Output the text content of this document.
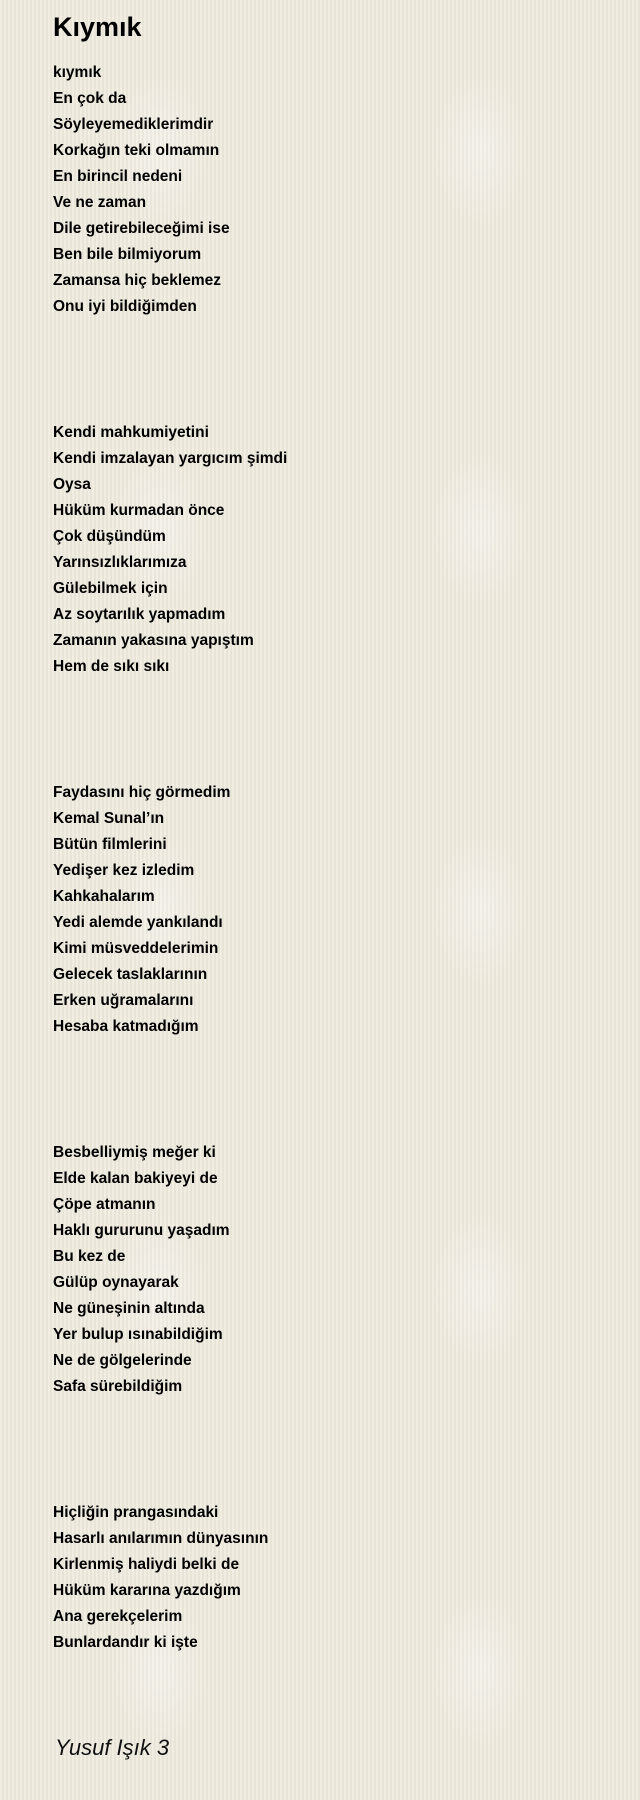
Kıymık
kıymık
En çok da
Söyleyemediklerimdir
Korkağın teki olmamın
En birincil nedeni
Ve ne zaman
Dile getirebileceğimi ise
Ben bile bilmiyorum
Zamansa hiç beklemez
Onu iyi bildiğimden
Kendi mahkumiyetini
Kendi imzalayan yargıcım şimdi
Oysa
Hüküm kurmadan önce
Çok düşündüm
Yarınsızlıklarımıza
Gülebilmek için
Az soytarılık yapmadım
Zamanın yakasına yapıştım
Hem de sıkı sıkı
Faydasını hiç görmedim
Kemal Sunal’ın
Bütün filmlerini
Yedişer kez izledim
Kahkahalarım
Yedi alemde yankılandı
Kimi müsveddelerimin
Gelecek taslaklarının
Erken uğramalarını
Hesaba katmadığım
Besbelliymiş meğer ki
Elde kalan bakiyeyi de
Çöpe atmanın
Haklı gururunu yaşadım
Bu kez de
Gülüp oynayarak
Ne güneşinin altında
Yer bulup ısınabildiğim
Ne de gölgelerinde
Safa sürebildiğim
Hiçliğin prangasındaki
Hasarlı anılarımın dünyasının
Kirlenmiş haliydi belki de
Hüküm kararına yazdığım
Ana gerekçelerim
Bunlardandır ki işte
Yusuf Işık 3
